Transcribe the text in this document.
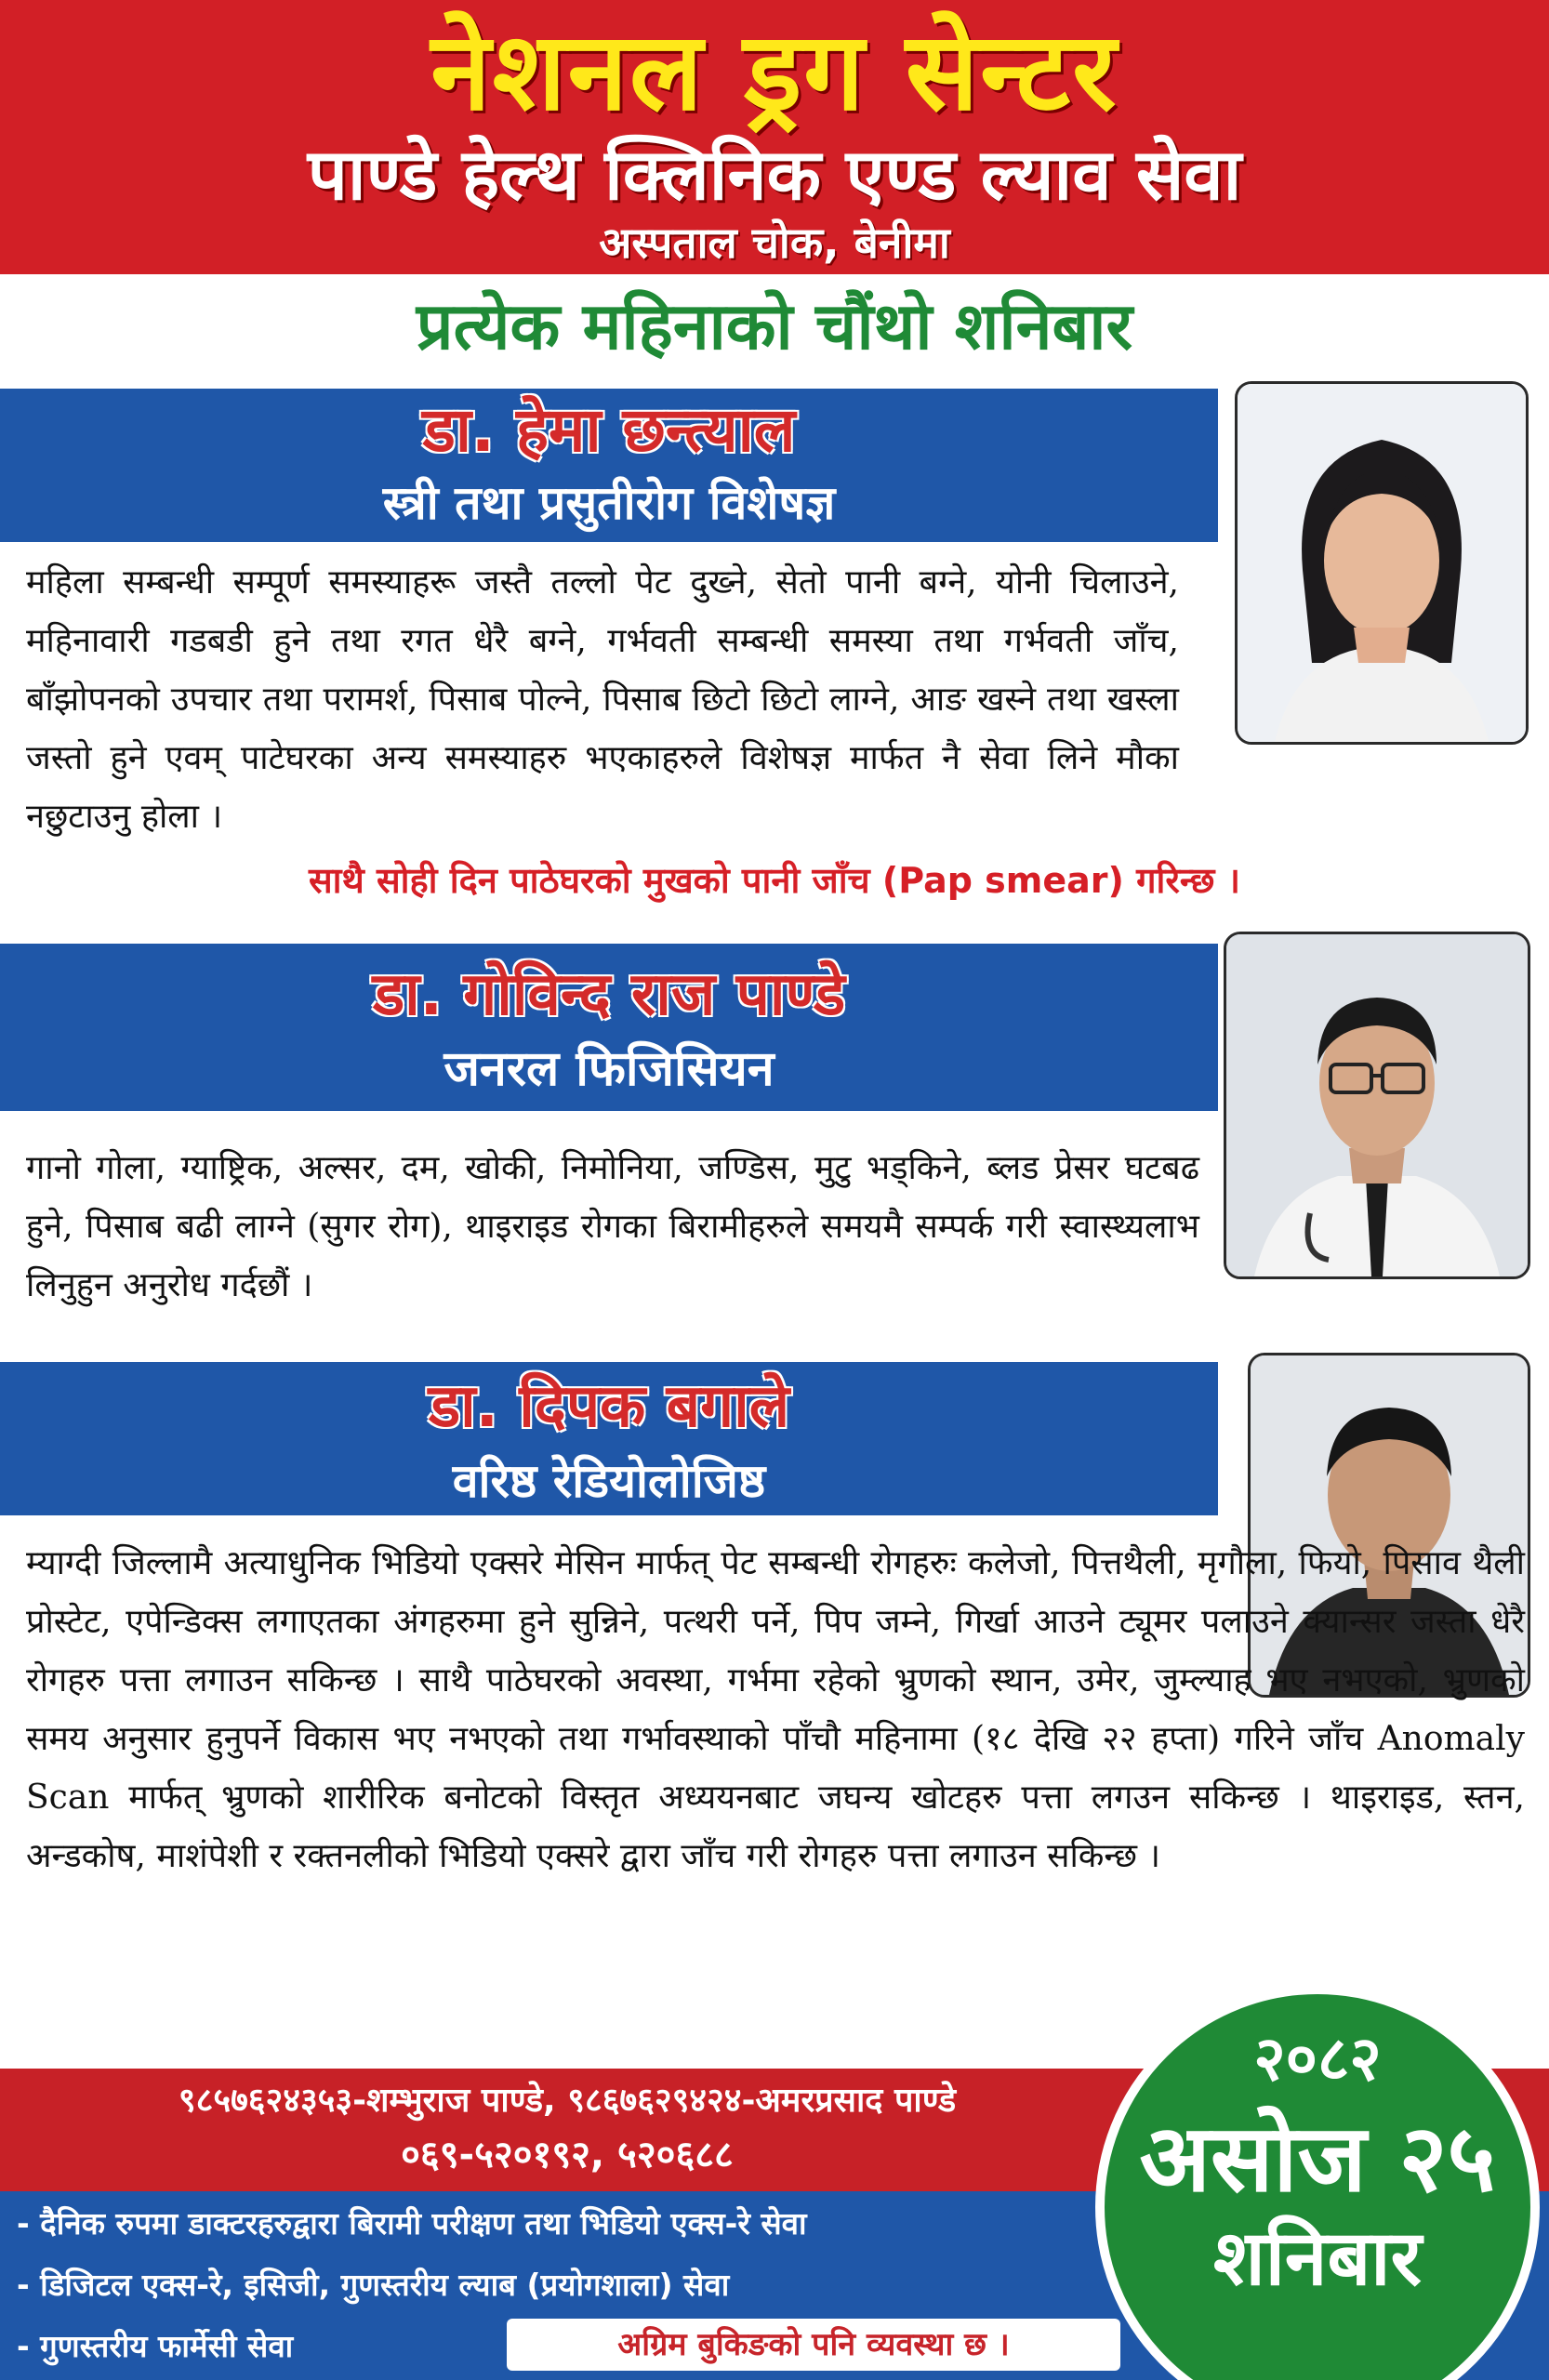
नेशनल ड्रग सेन्टर
पाण्डे हेल्थ क्लिनिक एण्ड ल्याव सेवा
अस्पताल चोक, बेनीमा
प्रत्येक महिनाको चौंथो शनिबार
डा. हेमा छन्त्याल
स्त्री तथा प्रसुतीरोग विशेषज्ञ
महिला सम्बन्धी सम्पूर्ण समस्याहरू जस्तै तल्लो पेट दुख्ने, सेतो पानी बग्ने, योनी चिलाउने, महिनावारी गडबडी हुने तथा रगत धेरै बग्ने, गर्भवती सम्बन्धी समस्या तथा गर्भवती जाँच, बाँझोपनको उपचार तथा परामर्श, पिसाब पोल्ने, पिसाब छिटो छिटो लाग्ने, आङ खस्ने तथा खस्ला जस्तो हुने एवम् पाटेघरका अन्य समस्याहरु भएकाहरुले विशेषज्ञ मार्फत नै सेवा लिने मौका नछुटाउनु होला ।
साथै सोही दिन पाठेघरको मुखको पानी जाँच (Pap smear) गरिन्छ ।
डा. गोविन्द राज पाण्डे
जनरल फिजिसियन
गानो गोला, ग्याष्ट्रिक, अल्सर, दम, खोकी, निमोनिया, जण्डिस, मुटु भड्किने, ब्लड प्रेसर घटबढ हुने, पिसाब बढी लाग्ने (सुगर रोग), थाइराइड रोगका बिरामीहरुले समयमै सम्पर्क गरी स्वास्थ्यलाभ लिनुहुन अनुरोध गर्दछौं ।
डा. दिपक बगाले
वरिष्ठ रेडियोलोजिष्ठ
म्याग्दी जिल्लामै अत्याधुनिक भिडियो एक्सरे मेसिन मार्फत् पेट सम्बन्धी रोगहरुः कलेजो, पित्तथैली, मृगौला, फियो, पिसाव थैली प्रोस्टेट, एपेन्डिक्स लगाएतका अंगहरुमा हुने सुन्निने, पत्थरी पर्ने, पिप जम्ने, गिर्खा आउने ट्यूमर पलाउने क्यान्सर जस्ता धेरै रोगहरु पत्ता लगाउन सकिन्छ । साथै पाठेघरको अवस्था, गर्भमा रहेको भ्रुणको स्थान, उमेर, जुम्ल्याह भए नभएको, भ्रुणको समय अनुसार हुनुपर्ने विकास भए नभएको तथा गर्भावस्थाको पाँचौ महिनामा (१८ देखि २२ हप्ता) गरिने जाँच Anomaly Scan मार्फत् भ्रुणको शारीरिक बनोटको विस्तृत अध्ययनबाट जघन्य खोटहरु पत्ता लगउन सकिन्छ । थाइराइड, स्तन, अन्डकोष, माशंपेशी र रक्तनलीको भिडियो एक्सरे द्वारा जाँच गरी रोगहरु पत्ता लगाउन सकिन्छ ।
९८५७६२४३५३-शम्भुराज पाण्डे, ९८६७६२९४२४-अमरप्रसाद पाण्डे
०६९-५२०१९२, ५२०६८८
- दैनिक रुपमा डाक्टरहरुद्वारा बिरामी परीक्षण तथा भिडियो एक्स-रे सेवा
- डिजिटल एक्स-रे, इसिजी, गुणस्तरीय ल्याब (प्रयोगशाला) सेवा
- गुणस्तरीय फार्मेसी सेवा	अग्रिम बुकिङको पनि व्यवस्था छ ।
२०८२
असोज २५
शनिबार
